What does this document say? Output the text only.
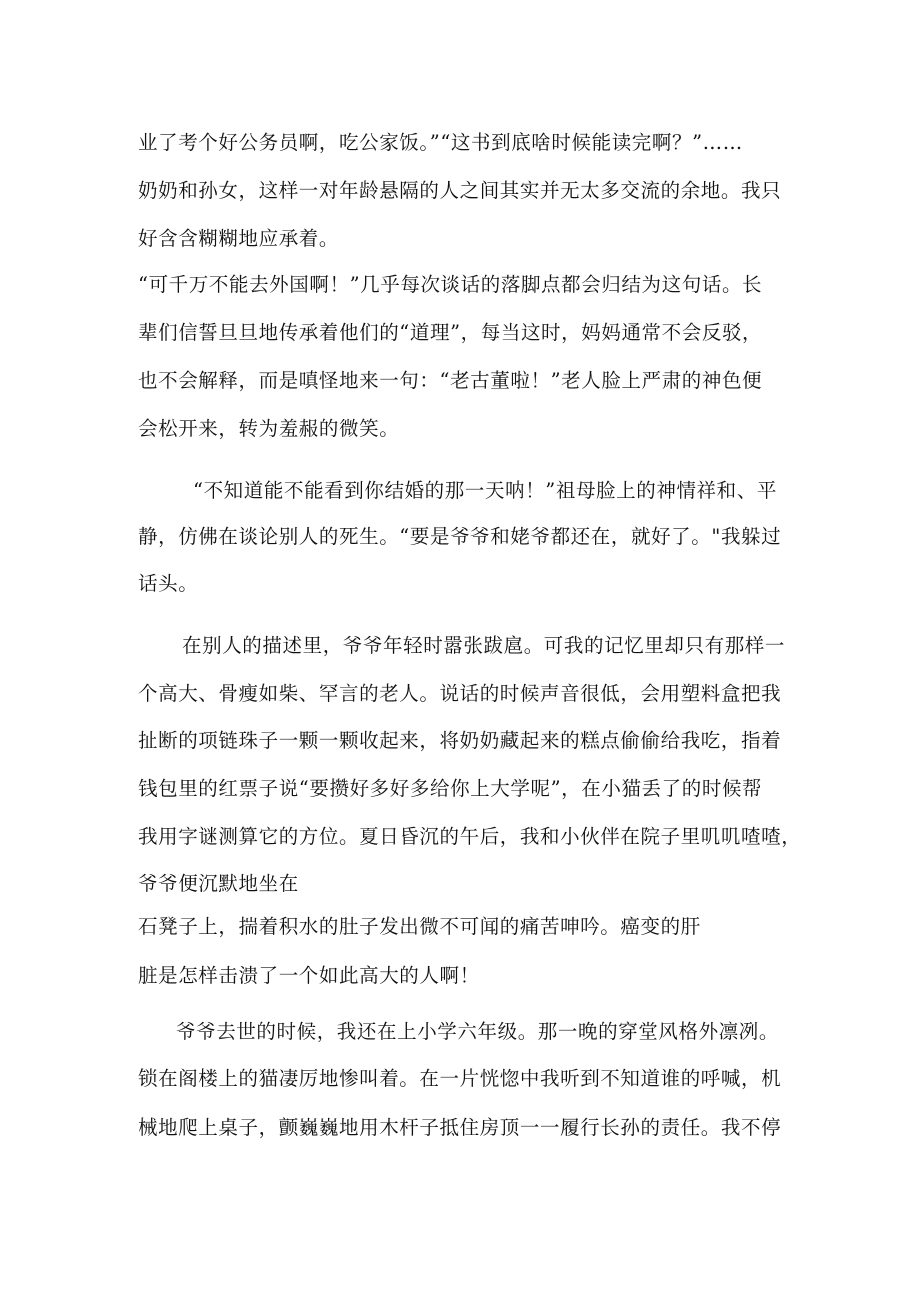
业了考个好公务员啊，吃公家饭。”“这书到底啥时候能读完啊？”……
奶奶和孙女，这样一对年龄悬隔的人之间其实并无太多交流的余地。我只
好含含糊糊地应承着。
“可千万不能去外国啊！”几乎每次谈话的落脚点都会归结为这句话。长
辈们信誓旦旦地传承着他们的“道理”，每当这时，妈妈通常不会反驳，
也不会解释，而是嗔怪地来一句：“老古董啦！”老人脸上严肃的神色便
会松开来，转为羞赧的微笑。
“不知道能不能看到你结婚的那一天呐！”祖母脸上的神情祥和、平
静，仿佛在谈论别人的死生。“要是爷爷和姥爷都还在，就好了。"我躲过
话头。
在别人的描述里，爷爷年轻时嚣张跋扈。可我的记忆里却只有那样一
个高大、骨瘦如柴、罕言的老人。说话的时候声音很低，会用塑料盒把我
扯断的项链珠子一颗一颗收起来，将奶奶藏起来的糕点偷偷给我吃，指着
钱包里的红票子说“要攒好多好多给你上大学呢”，在小猫丢了的时候帮
我用字谜测算它的方位。夏日昏沉的午后，我和小伙伴在院子里叽叽喳喳，
爷爷便沉默地坐在
石凳子上，揣着积水的肚子发出微不可闻的痛苦呻吟。癌变的肝
脏是怎样击溃了一个如此高大的人啊！
爷爷去世的时候，我还在上小学六年级。那一晚的穿堂风格外凛冽。
锁在阁楼上的猫凄厉地惨叫着。在一片恍惚中我听到不知道谁的呼喊，机
械地爬上桌子，颤巍巍地用木杆子抵住房顶一一履行长孙的责任。我不停
